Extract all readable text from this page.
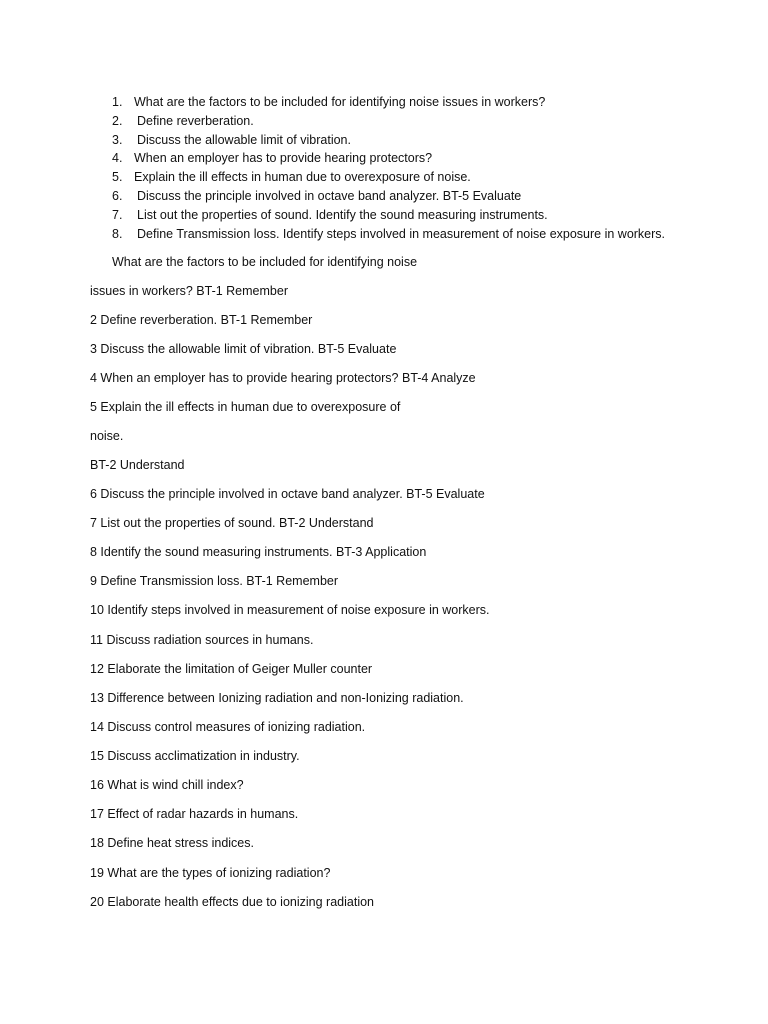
1. What are the factors to be included for identifying noise issues in workers?
2. Define reverberation.
3. Discuss the allowable limit of vibration.
4. When an employer has to provide hearing protectors?
5. Explain the ill effects in human due to overexposure of noise.
6. Discuss the principle involved in octave band analyzer. BT-5 Evaluate
7. List out the properties of sound. Identify the sound measuring instruments.
8. Define Transmission loss. Identify steps involved in measurement of noise exposure in workers.

What are the factors to be included for identifying noise

issues in workers? BT-1 Remember

2 Define reverberation. BT-1 Remember

3 Discuss the allowable limit of vibration. BT-5 Evaluate

4 When an employer has to provide hearing protectors? BT-4 Analyze

5 Explain the ill effects in human due to overexposure of

noise.

BT-2 Understand

6 Discuss the principle involved in octave band analyzer. BT-5 Evaluate

7 List out the properties of sound. BT-2 Understand

8 Identify the sound measuring instruments. BT-3 Application

9 Define Transmission loss. BT-1 Remember

10 Identify steps involved in measurement of noise exposure in workers.

11 Discuss radiation sources in humans.

12 Elaborate the limitation of Geiger Muller counter

13 Difference between Ionizing radiation and non-Ionizing radiation.

14 Discuss control measures of ionizing radiation.

15 Discuss acclimatization in industry.

16 What is wind chill index?

17 Effect of radar hazards in humans.

18 Define heat stress indices.

19 What are the types of ionizing radiation?

20 Elaborate health effects due to ionizing radiation
